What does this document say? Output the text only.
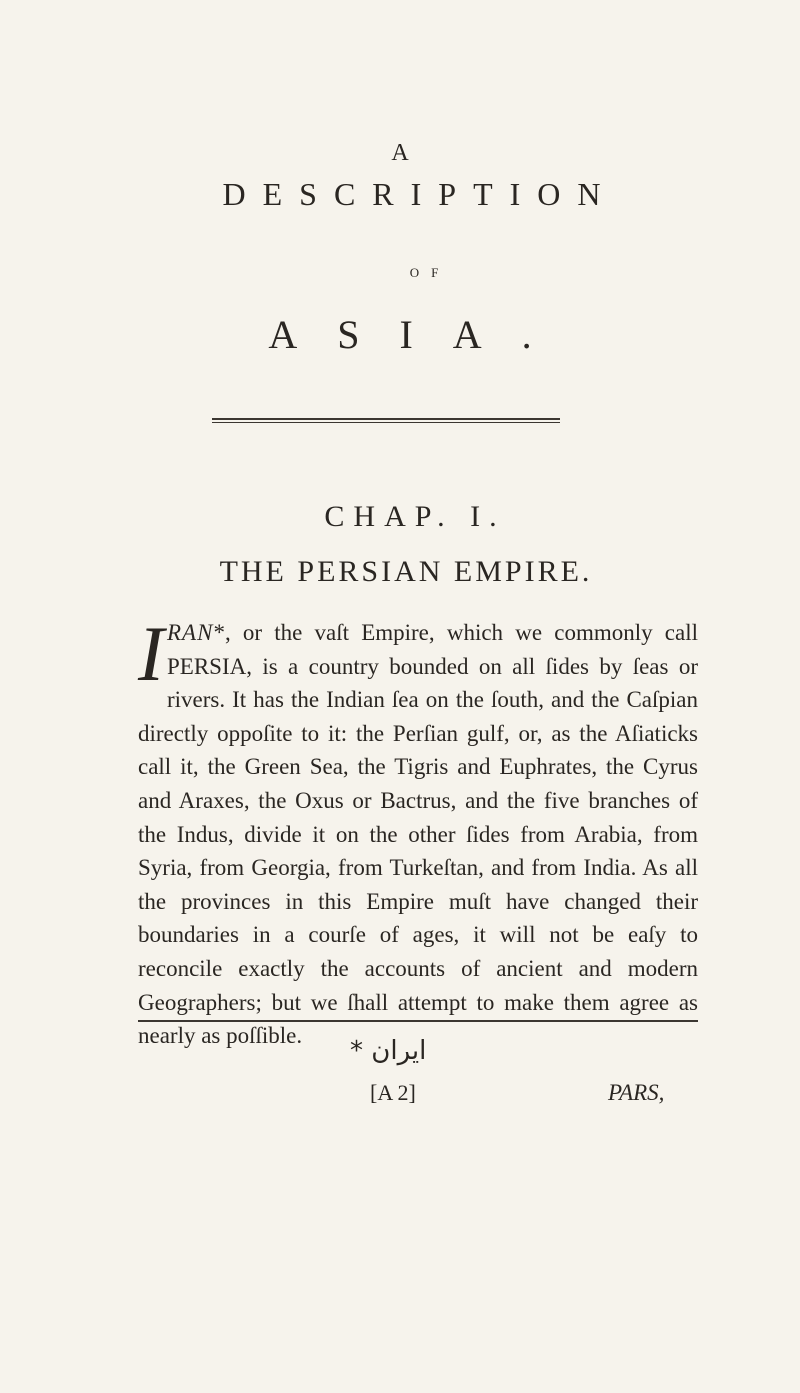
A
DESCRIPTION
OF
ASIA.
CHAP. I.
THE PERSIAN EMPIRE.

IRAN*, or the vaſt Empire, which we commonly call PERSIA, is a country bounded on all ſides by ſeas or rivers. It has the Indian ſea on the ſouth, and the Caſpian directly oppoſite to it: the Perſian gulf, or, as the Aſiaticks call it, the Green Sea, the Tigris and Euphrates, the Cyrus and Araxes, the Oxus or Bactrus, and the five branches of the Indus, divide it on the other ſides from Arabia, from Syria, from Georgia, from Turkeſtan, and from India. As all the provinces in this Empire muſt have changed their boundaries in a courſe of ages, it will not be eaſy to reconcile exactly the accounts of ancient and modern Geographers; but we ſhall attempt to make them agree as nearly as poſſible.

* ايران
[A 2]	PARS,
